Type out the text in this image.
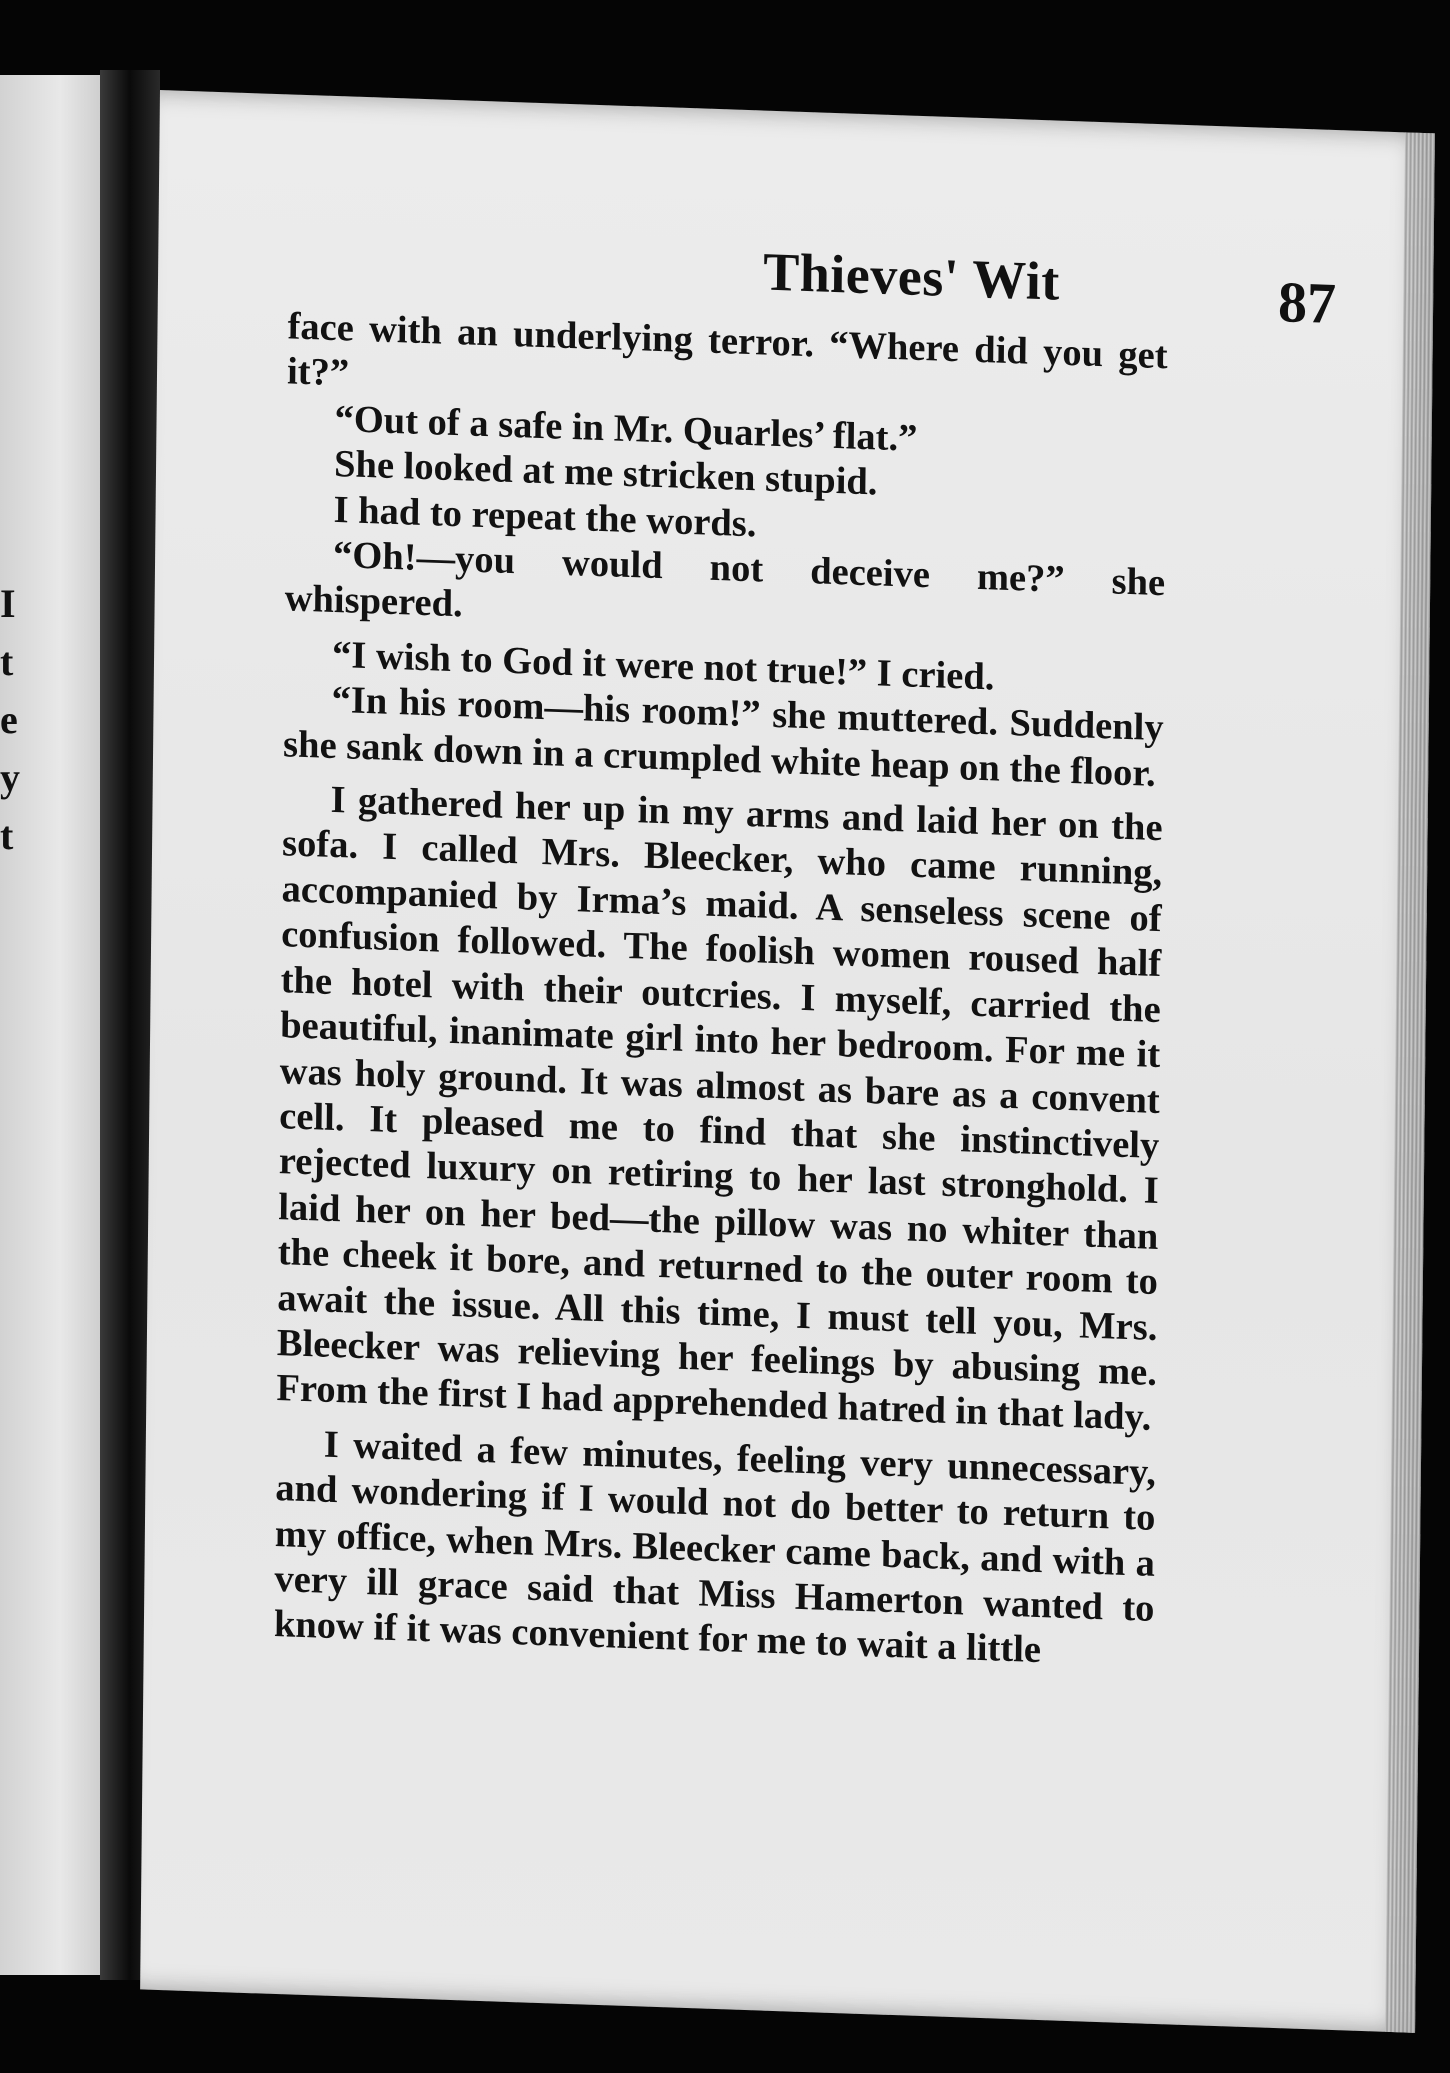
I
t
e
y
t
Thieves' Wit	87

face with an underlying terror. “Where did you get it?”

“Out of a safe in Mr. Quarles’ flat.”

She looked at me stricken stupid.

I had to repeat the words.

“Oh!—you would not deceive me?” she whispered.

“I wish to God it were not true!” I cried.

“In his room—his room!” she muttered. Suddenly she sank down in a crumpled white heap on the floor.

I gathered her up in my arms and laid her on the sofa. I called Mrs. Bleecker, who came running, accompanied by Irma’s maid. A senseless scene of confusion followed. The foolish women roused half the hotel with their outcries. I myself, carried the beautiful, inanimate girl into her bedroom. For me it was holy ground. It was almost as bare as a convent cell. It pleased me to find that she instinctively rejected luxury on retiring to her last stronghold. I laid her on her bed—the pillow was no whiter than the cheek it bore, and returned to the outer room to await the issue. All this time, I must tell you, Mrs. Bleecker was relieving her feelings by abusing me. From the first I had apprehended hatred in that lady.

I waited a few minutes, feeling very unnecessary, and wondering if I would not do better to return to my office, when Mrs. Bleecker came back, and with a very ill grace said that Miss Hamerton wanted to know if it was convenient for me to wait a little
